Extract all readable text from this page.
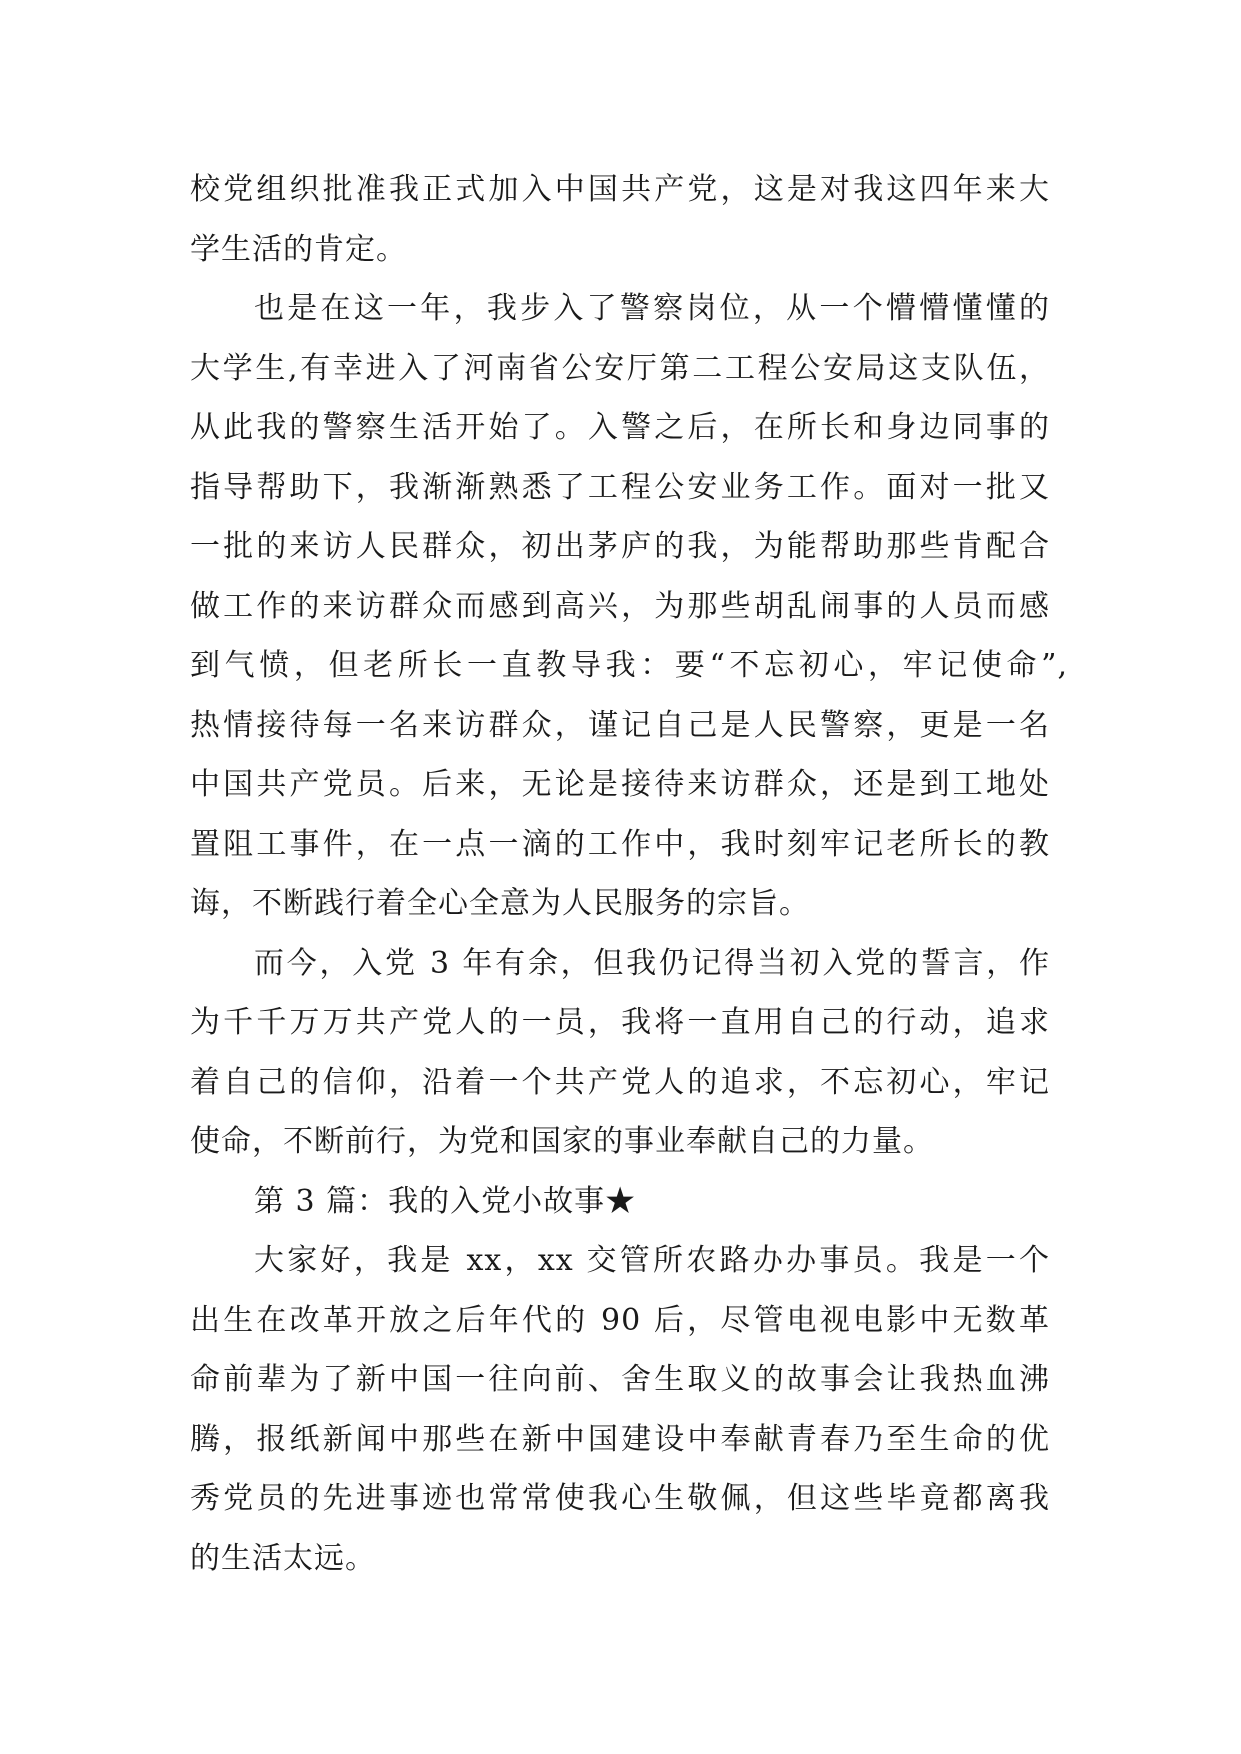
校党组织批准我正式加入中国共产党，这是对我这四年来大
学生活的肯定。
也是在这一年，我步入了警察岗位，从一个懵懵懂懂的
大学生,有幸进入了河南省公安厅第二工程公安局这支队伍，
从此我的警察生活开始了。入警之后，在所长和身边同事的
指导帮助下，我渐渐熟悉了工程公安业务工作。面对一批又
一批的来访人民群众，初出茅庐的我，为能帮助那些肯配合
做工作的来访群众而感到高兴，为那些胡乱闹事的人员而感
到气愤，但老所长一直教导我：要“不忘初心，牢记使命”,
热情接待每一名来访群众，谨记自己是人民警察，更是一名
中国共产党员。后来，无论是接待来访群众，还是到工地处
置阻工事件，在一点一滴的工作中，我时刻牢记老所长的教
诲，不断践行着全心全意为人民服务的宗旨。
而今，入党 3 年有余，但我仍记得当初入党的誓言，作
为千千万万共产党人的一员，我将一直用自己的行动，追求
着自己的信仰，沿着一个共产党人的追求，不忘初心，牢记
使命，不断前行，为党和国家的事业奉献自己的力量。
第 3 篇：我的入党小故事★
大家好，我是 xx，xx 交管所农路办办事员。我是一个
出生在改革开放之后年代的 90 后，尽管电视电影中无数革
命前辈为了新中国一往向前、舍生取义的故事会让我热血沸
腾，报纸新闻中那些在新中国建设中奉献青春乃至生命的优
秀党员的先进事迹也常常使我心生敬佩，但这些毕竟都离我
的生活太远。
